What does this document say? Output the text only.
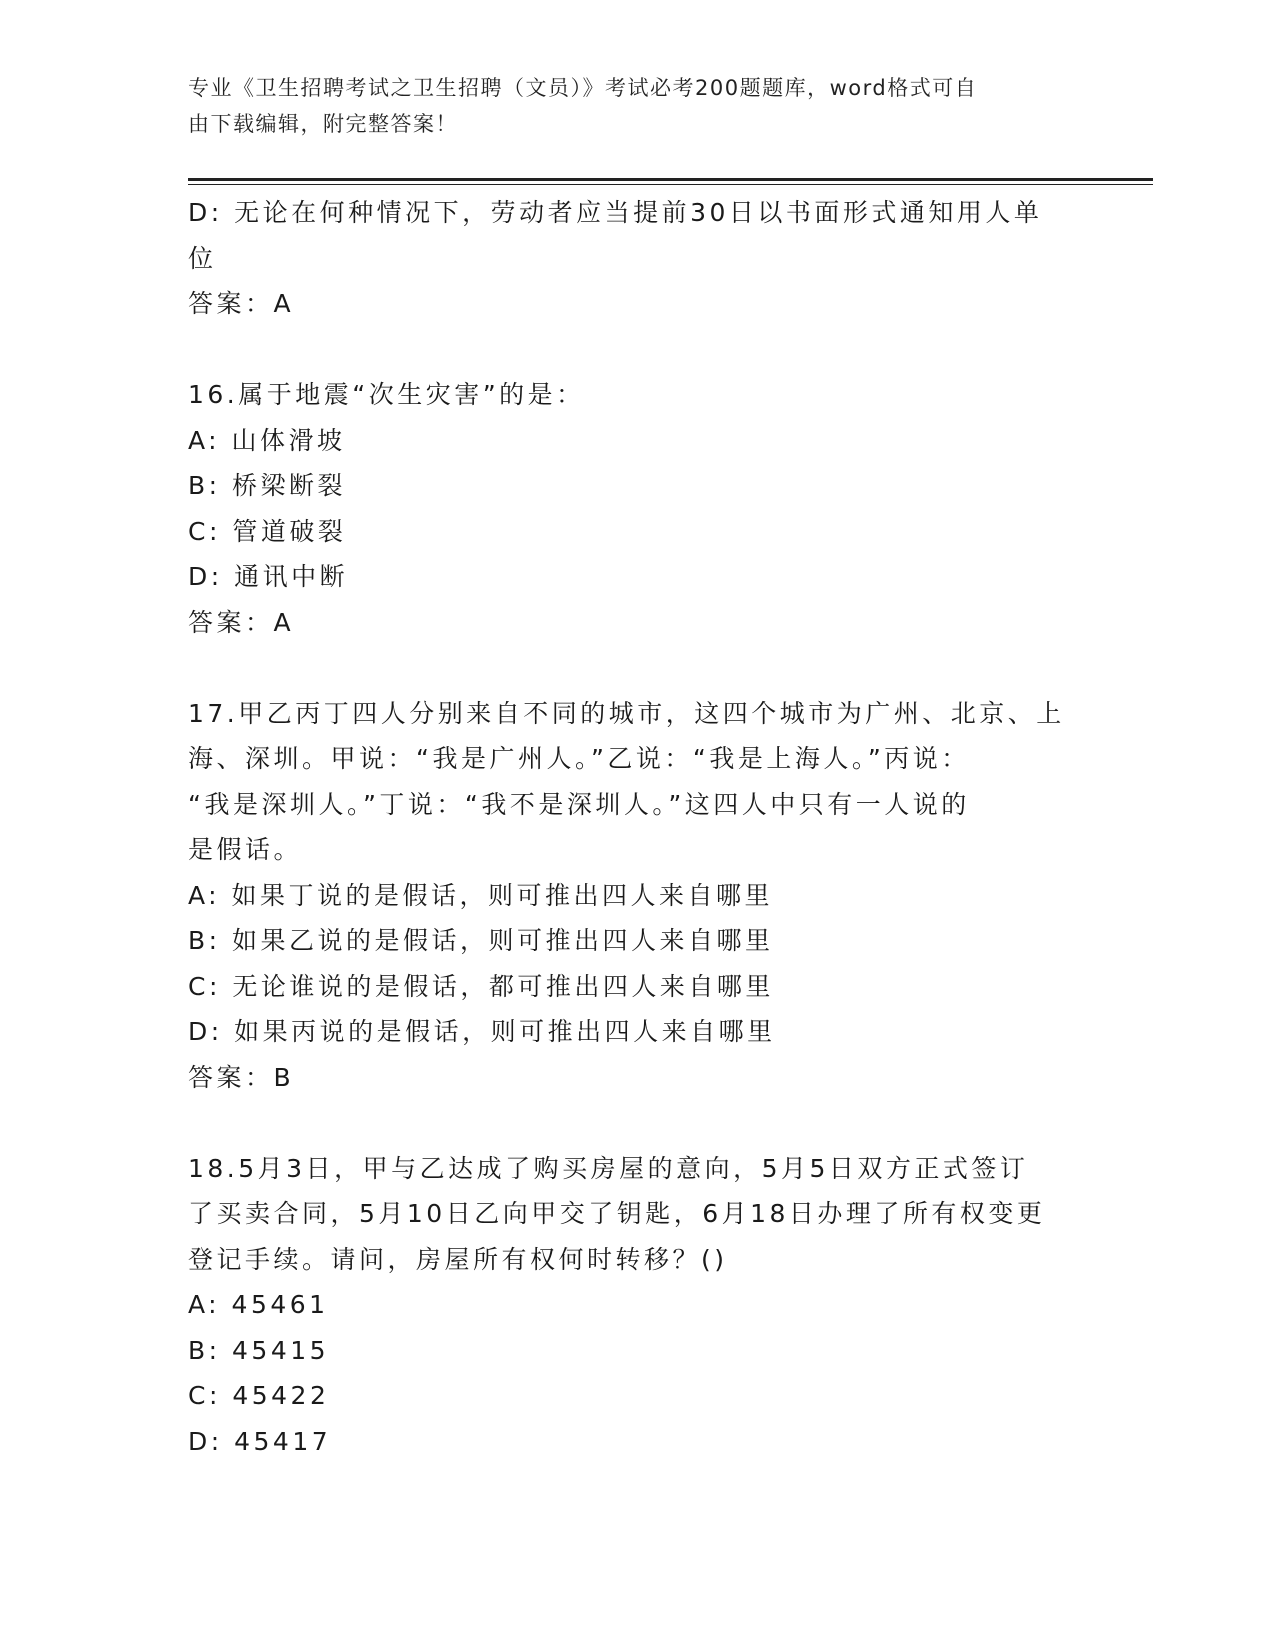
专业《卫生招聘考试之卫生招聘（文员）》考试必考200题题库，word格式可自
由下载编辑，附完整答案！
D: 无论在何种情况下，劳动者应当提前30日以书面形式通知用人单
位
答案：A
16.属于地震“次生灾害”的是：
A: 山体滑坡
B: 桥梁断裂
C: 管道破裂
D: 通讯中断
答案：A
17.甲乙丙丁四人分别来自不同的城市，这四个城市为广州、北京、上
海、深圳。甲说：“我是广州人。”乙说：“我是上海人。”丙说：
“我是深圳人。”丁说：“我不是深圳人。”这四人中只有一人说的
是假话。
A: 如果丁说的是假话，则可推出四人来自哪里
B: 如果乙说的是假话，则可推出四人来自哪里
C: 无论谁说的是假话，都可推出四人来自哪里
D: 如果丙说的是假话，则可推出四人来自哪里
答案：B
18.5月3日，甲与乙达成了购买房屋的意向，5月5日双方正式签订
了买卖合同，5月10日乙向甲交了钥匙，6月18日办理了所有权变更
登记手续。请问，房屋所有权何时转移？()
A: 45461
B: 45415
C: 45422
D: 45417
